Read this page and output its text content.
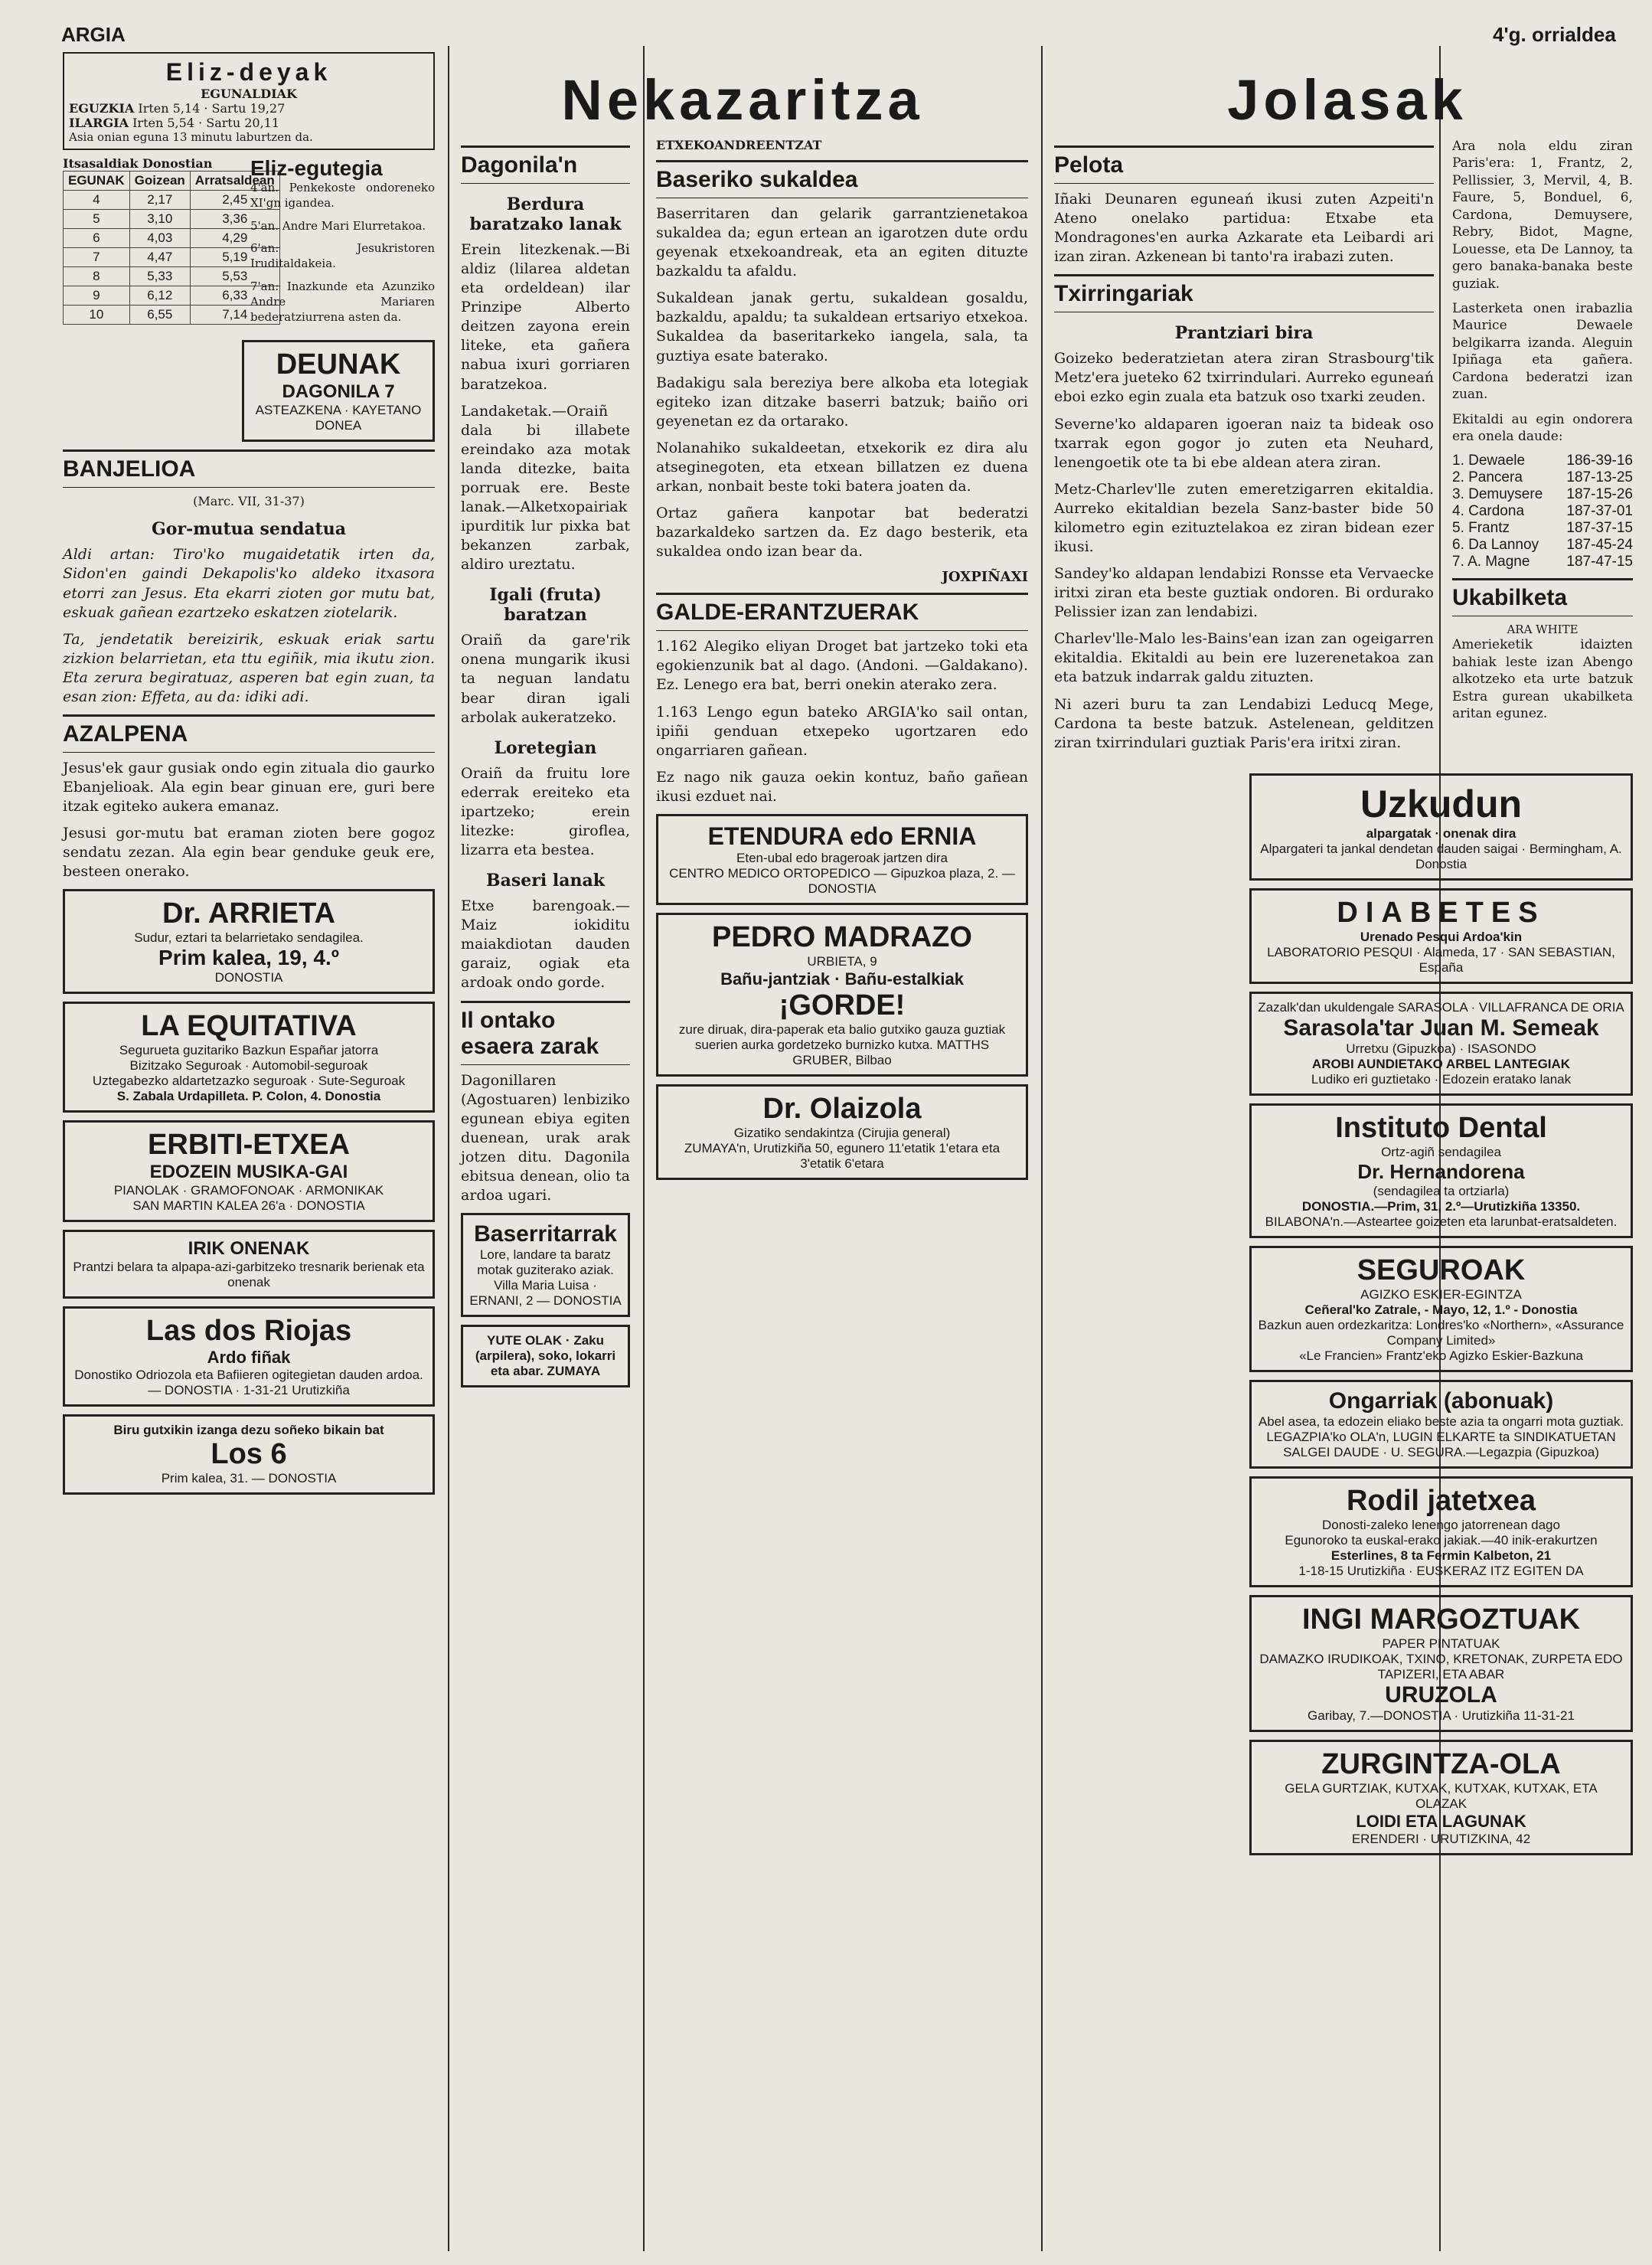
ARGIA	4'g. orrialdea
Eliz-deyak
EGUNALDIAK
EGUZKIA Irten 5,14 · Sartu 19,27
ILARGIA Irten 5,54 · Sartu 20,11
Asia onian eguna 13 minutu laburtzen da.
Itsasaldiak Donostian
EGUNAK	Goizean	Arratsaldean
4	2,17	2,45
5	3,10	3,36
6	4,03	4,29
7	4,47	5,19
8	5,33	5,53
9	6,12	6,33
10	6,55	7,14
Eliz-egutegia

4'an. Penkekoste ondoreneko XI'gn igandea.

5'an. Andre Mari Elurretakoa.

6'an: Jesukristoren Iruditaldakeia.

7'an: Inazkunde eta Azunziko Andre Mariaren bederatziurrena asten da.

DEUNAK
DAGONILA 7
ASTEAZKENA · KAYETANO DONEA
BANJELIOA
(Marc. VII, 31-37)
Gor-mutua sendatua

Aldi artan: Tiro'ko mugaidetatik irten da, Sidon'en gaindi Dekapolis'ko aldeko itxasora etorri zan Jesus. Eta ekarri zioten gor mutu bat, eskuak gañean ezartzeko eskatzen ziotelarik.

Ta, jendetatik bereizirik, eskuak eriak sartu zizkion belarrietan, eta ttu egiñik, mia ikutu zion. Eta zerura begiratuaz, asperen bat egin zuan, ta esan zion: Effeta, au da: idiki adi.

AZALPENA

Jesus'ek gaur gusiak ondo egin zituala dio gaurko Ebanjelioak. Ala egin bear ginuan ere, guri bere itzak egiteko aukera emanaz.

Jesusi gor-mutu bat eraman zioten bere gogoz sendatu zezan. Ala egin bear genduke geuk ere, besteen onerako.

Dr. ARRIETA
Sudur, eztari ta belarrietako sendagilea.
Prim kalea, 19, 4.º
DONOSTIA
LA EQUITATIVA
Segurueta guzitariko Bazkun Españar jatorra
Bizitzako Seguroak · Automobil-seguroak
Uztegabezko aldartetzazko seguroak · Sute-Seguroak
S. Zabala Urdapilleta. P. Colon, 4. Donostia
ERBITI-ETXEA
EDOZEIN MUSIKA-GAI
PIANOLAK · GRAMOFONOAK · ARMONIKAK
SAN MARTIN KALEA 26'a · DONOSTIA
IRIK ONENAK
Prantzi belara ta alpapa-azi-garbitzeko tresnarik berienak eta onenak
Las dos Riojas
Ardo fiñak
Donostiko Odriozola eta Bafiieren ogitegietan dauden ardoa. — DONOSTIA · 1-31-21 Urutizkiña
Biru gutxikin izanga dezu soñeko bikain bat
Los 6
Prim kalea, 31. — DONOSTIA
Nekazaritza
Dagonila'n
Berdura baratzako lanak

Erein litezkenak.—Bi aldiz (lilarea aldetan eta ordeldean) ilar Prinzipe Alberto deitzen zayona erein liteke, eta gañera nabua ixuri gorriaren baratzekoa.

Landaketak.—Oraiñ dala bi illabete ereindako aza motak landa ditezke, baita porruak ere. Beste lanak.—Alketxopairiak ipurditik lur pixka bat bekanzen zarbak, aldiro ureztatu.

Igali (fruta) baratzan

Oraiñ da gare'rik onena mungarik ikusi ta neguan landatu bear diran igali arbolak aukeratzeko.

Loretegian

Oraiñ da fruitu lore ederrak ereiteko eta ipartzeko; erein litezke: giroflea, lizarra eta bestea.

Baseri lanak

Etxe barengoak.—Maiz iokiditu maiakdiotan dauden garaiz, ogiak eta ardoak ondo gorde.

Il ontako esaera zarak

Dagonillaren (Agostuaren) lenbiziko egunean ebiya egiten duenean, urak arak jotzen ditu. Dagonila ebitsua denean, olio ta ardoa ugari.

Baserritarrak
Lore, landare ta baratz motak guziterako aziak. Villa Maria Luisa · ERNANI, 2 — DONOSTIA
YUTE OLAK · Zaku (arpilera), soko, lokarri eta abar. ZUMAYA
ETXEKOANDREENTZAT
Baseriko sukaldea

Baserritaren dan gelarik garrantzienetakoa sukaldea da; egun ertean an igarotzen dute ordu geyenak etxekoandreak, eta an egiten dituzte bazkaldu ta afaldu.

Sukaldean janak gertu, sukaldean gosaldu, bazkaldu, apaldu; ta sukaldean ertsariyo etxekoa. Sukaldea da baseritarkeko iangela, sala, ta guztiya esate baterako.

Badakigu sala bereziya bere alkoba eta lotegiak egiteko izan ditzake baserri batzuk; baiño ori geyenetan ez da ortarako.

Nolanahiko sukaldeetan, etxekorik ez dira alu atseginegoten, eta etxean billatzen ez duena arkan, nonbait beste toki batera joaten da.

Ortaz gañera kanpotar bat bederatzi bazarkaldeko sartzen da. Ez dago besterik, eta sukaldea ondo izan bear da.

JOXPIÑAXI
GALDE-ERANTZUERAK

1.162 Alegiko eliyan Droget bat jartzeko toki eta egokienzunik bat al dago. (Andoni. —Galdakano). Ez. Lenego era bat, berri onekin aterako zera.

1.163 Lengo egun bateko ARGIA'ko sail ontan, ipiñi genduan etxepeko ugortzaren edo ongarriaren gañean.

Ez nago nik gauza oekin kontuz, baño gañean ikusi ezduet nai.

ETENDURA edo ERNIA
Eten-ubal edo brageroak jartzen dira
CENTRO MEDICO ORTOPEDICO — Gipuzkoa plaza, 2. — DONOSTIA
PEDRO MADRAZO
URBIETA, 9
Bañu-jantziak · Bañu-estalkiak
¡GORDE!
zure diruak, dira-paperak eta balio gutxiko gauza guztiak suerien aurka gordetzeko burnizko kutxa. MATTHS GRUBER, Bilbao
Dr. Olaizola
Gizatiko sendakintza (Cirujia general)
ZUMAYA'n, Urutizkiña 50, egunero 11'etatik 1'etara eta 3'etatik 6'etara
Jolasak
Pelota

Iñaki Deunaren eguneań ikusi zuten Azpeiti'n Ateno onelako partidua: Etxabe eta Mondragones'en aurka Azkarate eta Leibardi ari izan ziran. Azkenean bi tanto'ra irabazi zuten.

Txirringariak
Prantziari bira

Goizeko bederatzietan atera ziran Strasbourg'tik Metz'era jueteko 62 txirrindulari. Aurreko eguneań eboi ezko egin zuala eta batzuk oso txarki zeuden.

Severne'ko aldaparen igoeran naiz ta bideak oso txarrak egon gogor jo zuten eta Neuhard, lenengoetik ote ta bi ebe aldean atera ziran.

Metz-Charlev'lle zuten emeretzigarren ekitaldia. Aurreko ekitaldian bezela Sanz-baster bide 50 kilometro egin ezituztelakoa ez ziran bidean ezer ikusi.

Sandey'ko aldapan lendabizi Ronsse eta Vervaecke iritxi ziran eta beste guztiak ondoren. Bi ordurako Pelissier izan zan lendabizi.

Charlev'lle-Malo les-Bains'ean izan zan ogeigarren ekitaldia. Ekitaldi au bein ere luzerenetakoa zan eta batzuk indarrak galdu zituzten.

Ni azeri buru ta zan Lendabizi Leducq Mege, Cardona ta beste batzuk. Astelenean, gelditzen ziran txirrindulari guztiak Paris'era iritxi ziran.

Ara nola eldu ziran Paris'era: 1, Frantz, 2, Pellissier, 3, Mervil, 4, B. Faure, 5, Bonduel, 6, Cardona, Demuysere, Rebry, Bidot, Magne, Louesse, eta De Lannoy, ta gero banaka-banaka beste guziak.

Lasterketa onen irabazlia Maurice Dewaele belgikarra izanda. Aleguin Ipiñaga eta gañera. Cardona bederatzi izan zuan.

Ekitaldi au egin ondorera era onela daude:

1. Dewaele	186-39-16
2. Pancera	187-13-25
3. Demuysere 187-15-26
4. Cardona	187-37-01
5. Frantz	187-37-15
6. Da Lannoy 187-45-24
7. A. Magne	187-47-15
Ukabilketa
ARA WHITE

Amerieketik idaizten bahiak leste izan Abengo alkotzeko eta urte batzuk Estra gurean ukabilketa aritan egunez.

Uzkudun
alpargatak · onenak dira
Alpargateri ta jankal dendetan dauden saigai · Bermingham, A. Donostia
DIABETES
Urenado Pesqui Ardoa'kin
LABORATORIO PESQUI · Alameda, 17 · SAN SEBASTIAN, España
Zazalk'dan ukuldengale SARASOLA · VILLAFRANCA DE ORIA
Sarasola'tar Juan M. Semeak
Urretxu (Gipuzkoa) · ISASONDO
AROBI AUNDIETAKO ARBEL LANTEGIAK
Ludiko eri guztietako · Edozein eratako lanak
Instituto Dental
Ortz-agiñ sendagilea
Dr. Hernandorena
(sendagilea ta ortziarla)
DONOSTIA.—Prim, 31, 2.º—Urutizkiña 13350.
BILABONA'n.—Asteartee goizeten eta larunbat-eratsaldeten.
SEGUROAK
AGIZKO ESKIER-EGINTZA
Ceñeral'ko Zatrale, - Mayo, 12, 1.º - Donostia
Bazkun auen ordezkaritza: Londres'ko «Northern», «Assurance Company Limited»
«Le Francien» Frantz'eko Agizko Eskier-Bazkuna
Ongarriak (abonuak)
Abel asea, ta edozein eliako beste azia ta ongarri mota guztiak. LEGAZPIA'ko OLA'n, LUGIN ELKARTE ta SINDIKATUETAN SALGEI DAUDE · U. SEGURA.—Legazpia (Gipuzkoa)
Rodil jatetxea
Donosti-zaleko lenengo jatorrenean dago
Egunoroko ta euskal-erako jakiak.—40 inik-erakurtzen
Esterlines, 8 ta Fermin Kalbeton, 21
1-18-15 Urutizkiña · EUSKERAZ ITZ EGITEN DA
INGI MARGOZTUAK
PAPER PINTATUAK
DAMAZKO IRUDIKOAK, TXINO, KRETONAK, ZURPETA EDO TAPIZERI, ETA ABAR
URUZOLA
Garibay, 7.—DONOSTIA · Urutizkiña 11-31-21
ZURGINTZA-OLA
GELA GURTZIAK, KUTXAK, KUTXAK, KUTXAK, ETA OLAZAK
LOIDI ETA LAGUNAK
ERENDERI · URUTIZKINA, 42
